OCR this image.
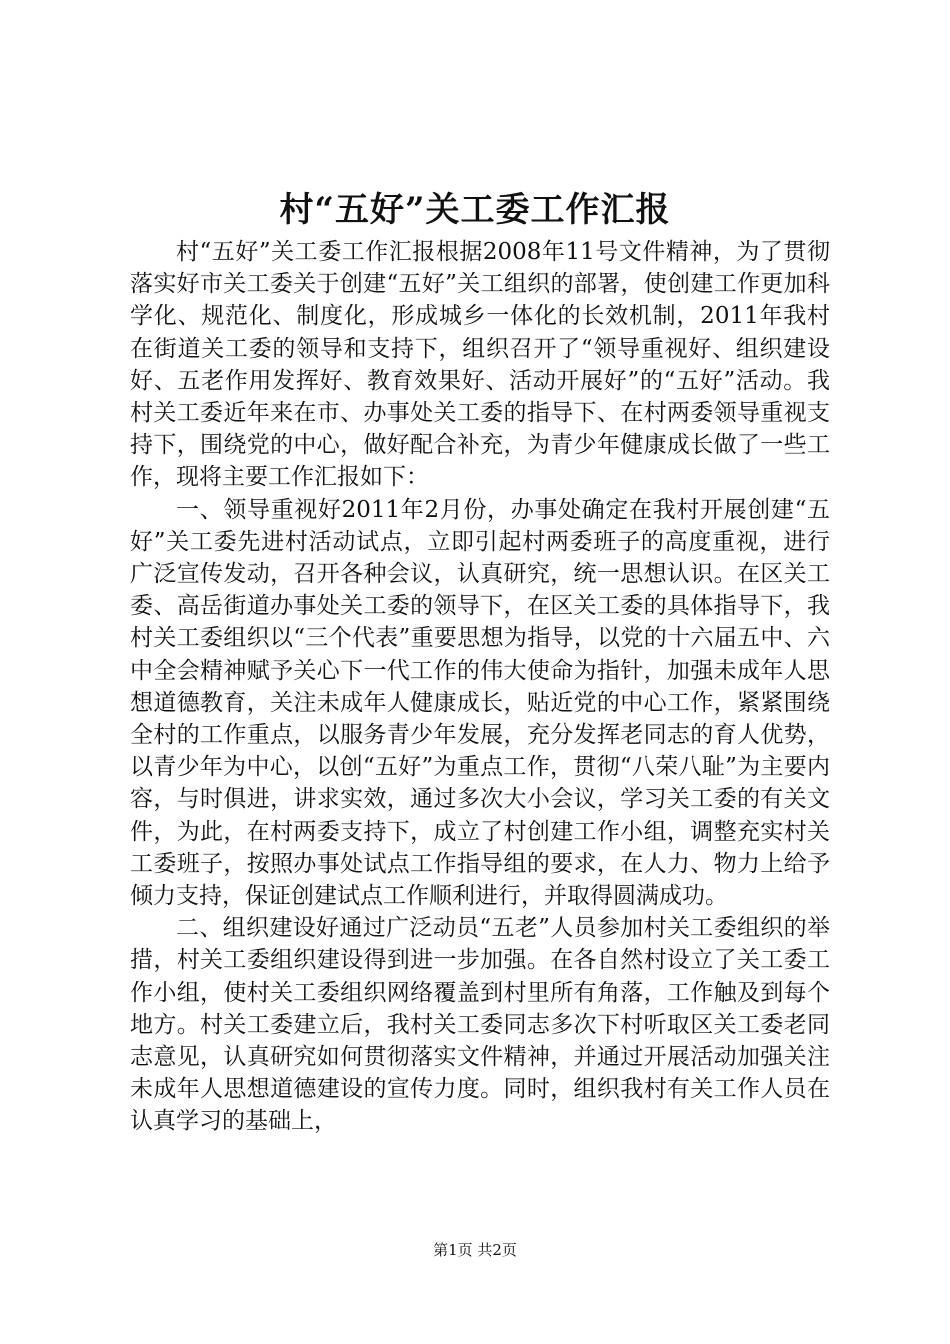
村“五好”关工委工作汇报

村“五好”关工委工作汇报根据2008年11号文件精神，为了贯彻落实好市关工委关于创建“五好”关工组织的部署，使创建工作更加科学化、规范化、制度化，形成城乡一体化的长效机制，2011年我村在街道关工委的领导和支持下，组织召开了“领导重视好、组织建设好、五老作用发挥好、教育效果好、活动开展好”的“五好”活动。我村关工委近年来在市、办事处关工委的指导下、在村两委领导重视支持下，围绕党的中心，做好配合补充，为青少年健康成长做了一些工作，现将主要工作汇报如下：

一、领导重视好2011年2月份，办事处确定在我村开展创建“五好”关工委先进村活动试点，立即引起村两委班子的高度重视，进行广泛宣传发动，召开各种会议，认真研究，统一思想认识。在区关工委、高岳街道办事处关工委的领导下，在区关工委的具体指导下，我村关工委组织以“三个代表”重要思想为指导，以党的十六届五中、六中全会精神赋予关心下一代工作的伟大使命为指针，加强未成年人思想道德教育，关注未成年人健康成长，贴近党的中心工作，紧紧围绕全村的工作重点，以服务青少年发展，充分发挥老同志的育人优势，以青少年为中心，以创“五好”为重点工作，贯彻“八荣八耻”为主要内容，与时俱进，讲求实效，通过多次大小会议，学习关工委的有关文件，为此，在村两委支持下，成立了村创建工作小组，调整充实村关工委班子，按照办事处试点工作指导组的要求，在人力、物力上给予倾力支持，保证创建试点工作顺利进行，并取得圆满成功。

二、组织建设好通过广泛动员“五老”人员参加村关工委组织的举措，村关工委组织建设得到进一步加强。在各自然村设立了关工委工作小组，使村关工委组织网络覆盖到村里所有角落，工作触及到每个地方。村关工委建立后，我村关工委同志多次下村听取区关工委老同志意见，认真研究如何贯彻落实文件精神，并通过开展活动加强关注未成年人思想道德建设的宣传力度。同时，组织我村有关工作人员在认真学习的基础上，

第1页 共2页
